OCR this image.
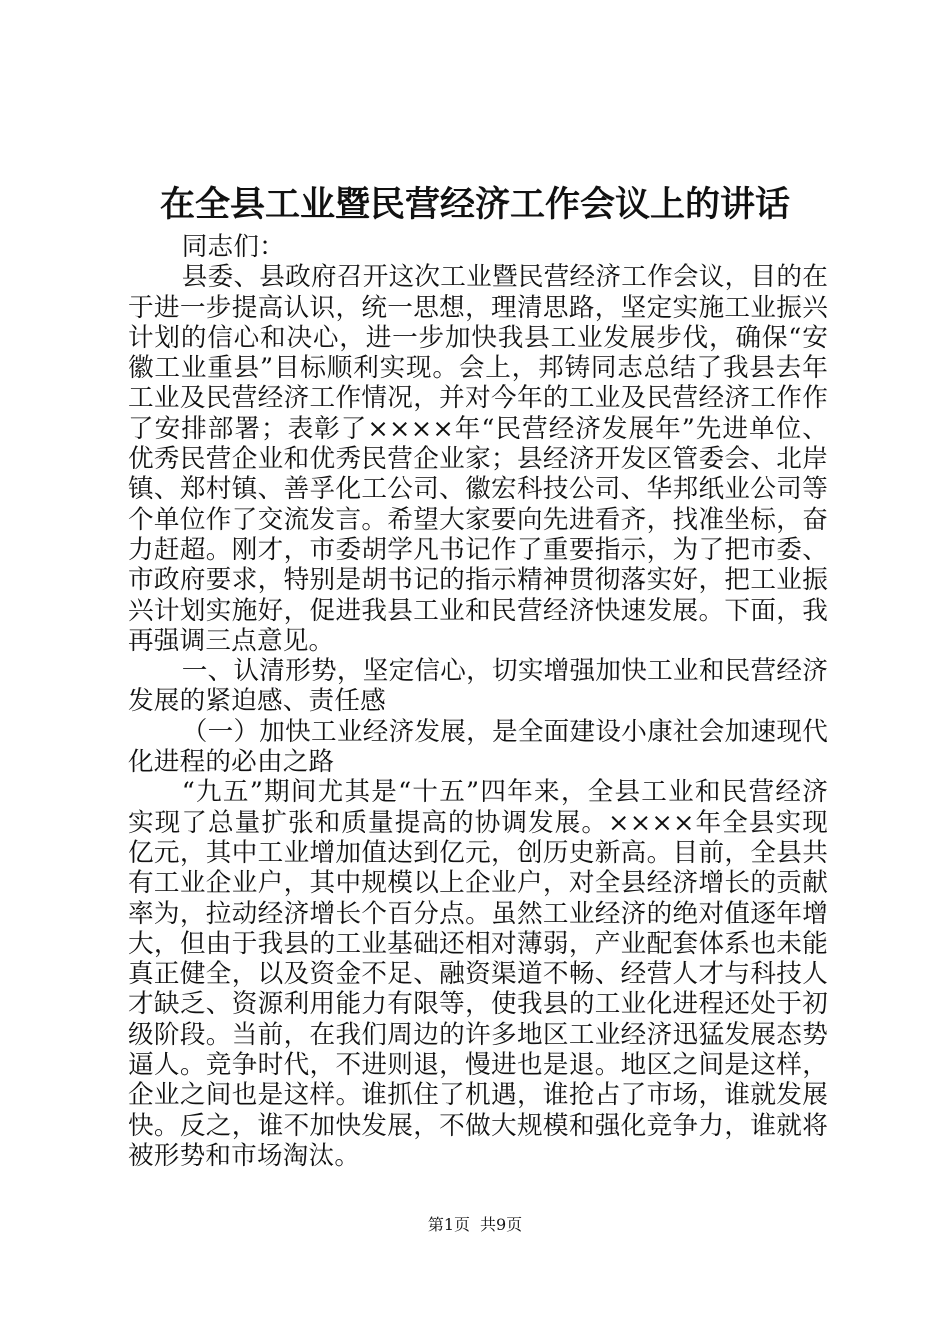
在全县工业暨民营经济工作会议上的讲话

同志们：

县委、县政府召开这次工业暨民营经济工作会议，目的在于进一步提高认识，统一思想，理清思路，坚定实施工业振兴计划的信心和决心，进一步加快我县工业发展步伐，确保“安徽工业重县”目标顺利实现。会上，邦铸同志总结了我县去年工业及民营经济工作情况，并对今年的工业及民营经济工作作了安排部署；表彰了××××年“民营经济发展年”先进单位、优秀民营企业和优秀民营企业家；县经济开发区管委会、北岸镇、郑村镇、善孚化工公司、徽宏科技公司、华邦纸业公司等个单位作了交流发言。希望大家要向先进看齐，找准坐标，奋力赶超。刚才，市委胡学凡书记作了重要指示，为了把市委、市政府要求，特别是胡书记的指示精神贯彻落实好，把工业振兴计划实施好，促进我县工业和民营经济快速发展。下面，我再强调三点意见。

一、认清形势，坚定信心，切实增强加快工业和民营经济发展的紧迫感、责任感

（一）加快工业经济发展，是全面建设小康社会加速现代化进程的必由之路

“九五”期间尤其是“十五”四年来，全县工业和民营经济实现了总量扩张和质量提高的协调发展。××××年全县实现亿元，其中工业增加值达到亿元，创历史新高。目前，全县共有工业企业户，其中规模以上企业户，对全县经济增长的贡献率为，拉动经济增长个百分点。虽然工业经济的绝对值逐年增大，但由于我县的工业基础还相对薄弱，产业配套体系也未能真正健全，以及资金不足、融资渠道不畅、经营人才与科技人才缺乏、资源利用能力有限等，使我县的工业化进程还处于初级阶段。当前，在我们周边的许多地区工业经济迅猛发展态势逼人。竞争时代，不进则退，慢进也是退。地区之间是这样，企业之间也是这样。谁抓住了机遇，谁抢占了市场，谁就发展快。反之，谁不加快发展，不做大规模和强化竞争力，谁就将被形势和市场淘汰。

第1页 共9页
